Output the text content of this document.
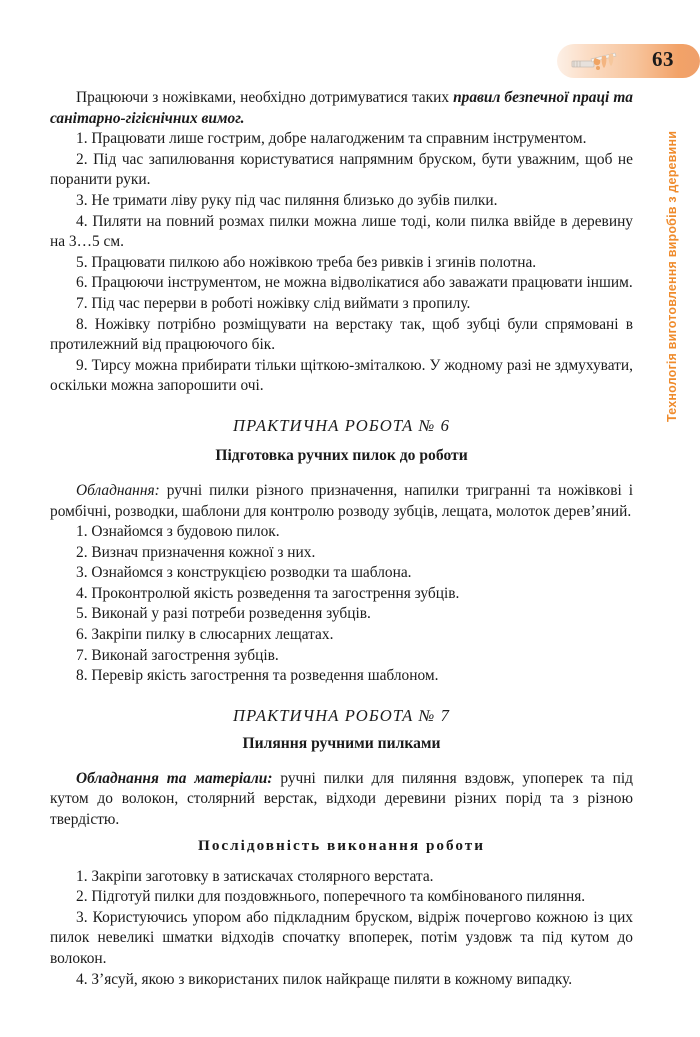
63
Технологія виготовлення виробів з деревини

Працюючи з ножівками, необхідно дотримуватися таких правил безпечної праці та санітарно-гігієнічних вимог.

1. Працювати лише гострим, добре налагодженим та справним інструментом.

2. Під час запилювання користуватися напрямним бруском, бути уважним, щоб не поранити руки.

3. Не тримати ліву руку під час пиляння близько до зубів пилки.

4. Пиляти на повний розмах пилки можна лише тоді, коли пилка ввійде в деревину на 3…5 см.

5. Працювати пилкою або ножівкою треба без ривків і згинів полотна.

6. Працюючи інструментом, не можна відволікатися або заважати працювати іншим.

7. Під час перерви в роботі ножівку слід виймати з пропилу.

8. Ножівку потрібно розміщувати на верстаку так, щоб зубці були спрямовані в протилежний від працюючого бік.

9. Тирсу можна прибирати тільки щіткою-змiталкою. У жодному разі не здмухувати, оскільки можна запорошити очі.

ПРАКТИЧНА РОБОТА № 6
Підготовка ручних пилок до роботи

Обладнання: ручні пилки різного призначення, напилки тригранні та ножівкові і ромбічні, розводки, шаблони для контролю розводу зубців, лещата, молоток дерев’яний.

1. Ознайомся з будовою пилок.

2. Визнач призначення кожної з них.

3. Ознайомся з конструкцією розводки та шаблона.

4. Проконтролюй якість розведення та загострення зубців.

5. Виконай у разі потреби розведення зубців.

6. Закріпи пилку в слюсарних лещатах.

7. Виконай загострення зубців.

8. Перевір якість загострення та розведення шаблоном.

ПРАКТИЧНА РОБОТА № 7
Пиляння ручними пилками

Обладнання та матеріали: ручні пилки для пиляння вздовж, упоперек та під кутом до волокон, столярний верстак, відходи деревини різних порід та з різною твердістю.

Послідовність виконання роботи

1. Закріпи заготовку в затискачах столярного верстата.

2. Підготуй пилки для поздовжнього, поперечного та комбінованого пиляння.

3. Користуючись упором або підкладним бруском, відріж почергово кожною із цих пилок невеликі шматки відходів спочатку впоперек, потім уздовж та під кутом до волокон.

4. З’ясуй, якою з використаних пилок найкраще пиляти в кожному випадку.
